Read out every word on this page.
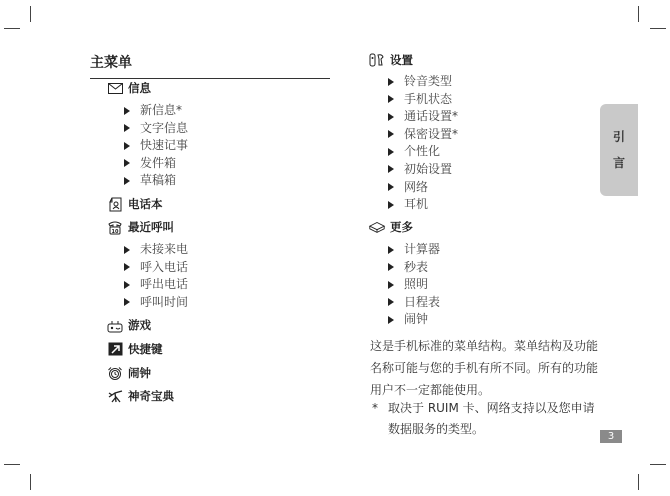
主菜单
信息
新信息*
文字信息
快速记事
发件箱
草稿箱
电话本
10 最近呼叫
未接来电
呼入电话
呼出电话
呼叫时间
游戏
快捷键
闹钟
神奇宝典
设置
铃音类型
手机状态
通话设置*
保密设置*
个性化
初始设置
网络
耳机
更多
计算器
秒表
照明
日程表
闹钟
这是手机标准的菜单结构。菜单结构及功能名称可能与您的手机有所不同。所有的功能用户不一定都能使用。
* 取决于 RUIM 卡、网络支持以及您申请数据服务的类型。
引
言
3
